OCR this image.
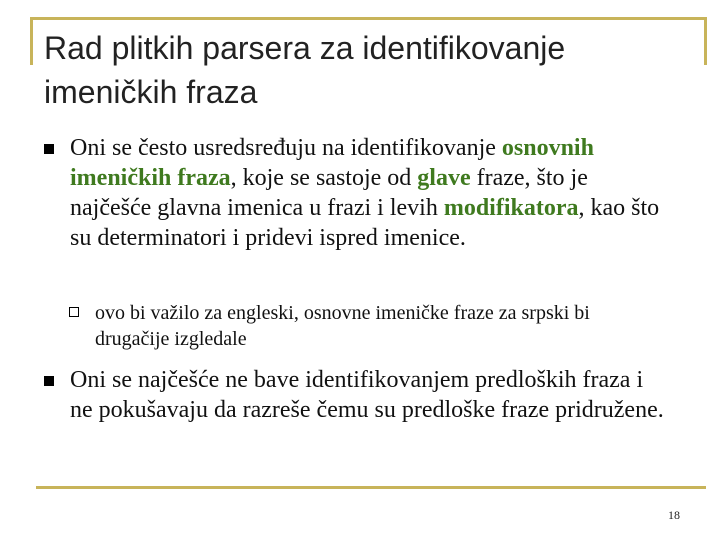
Rad plitkih parsera za identifikovanje imeničkih fraza

Oni se često usredsređuju na identifikovanje osnovnih imeničkih fraza, koje se sastoje od glave fraze, što je najčešće glavna imenica u frazi i levih modifikatora, kao što su determinatori i pridevi ispred imenice.

ovo bi važilo za engleski, osnovne imeničke fraze za srpski bi drugačije izgledale

Oni se najčešće ne bave identifikovanjem predloških fraza i ne pokušavaju da razreše čemu su predloške fraze pridružene.

18
